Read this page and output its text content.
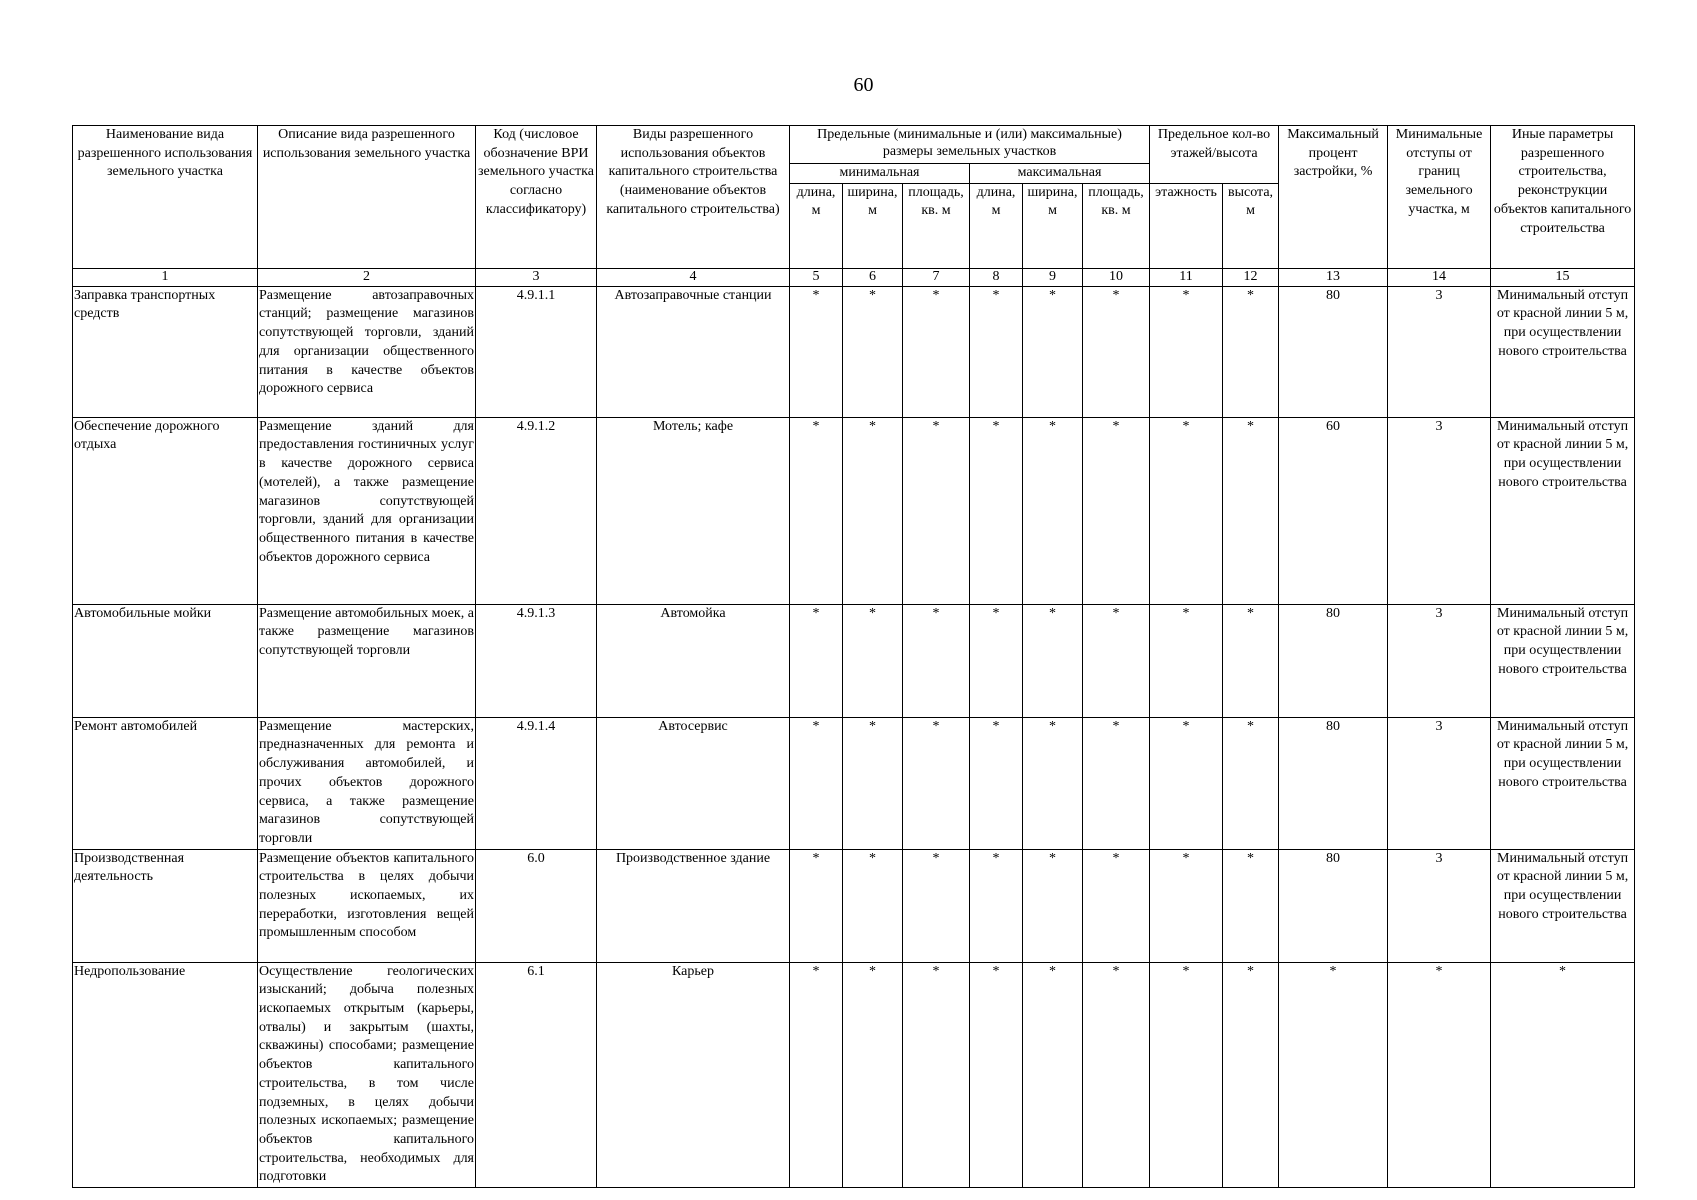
60
Наименование вида разрешенного использования земельного участка	Описание вида разрешенного использования земельного участка	Код (числовое обозначение ВРИ земельного участка согласно классификатору)	Виды разрешенного использования объектов капитального строительства (наименование объектов капитального строительства)	Предельные (минимальные и (или) максимальные) размеры земельных участков						Предельное кол-во этажей/высота		Максимальный процент застройки, %	Минимальные отступы от границ земельного участка, м	Иные параметры разрешенного строительства, реконструкции объектов капитального строительства
				минимальная			максимальная							
				длина, м	ширина, м	площадь, кв. м	длина, м	ширина, м	площадь, кв. м	этажность	высота, м			
1	2	3	4	5	6	7	8	9	10	11	12	13	14	15
Заправка транспортных средств	Размещение автозаправочных станций; размещение магазинов сопутствующей торговли, зданий для организации общественного питания в качестве объектов дорожного сервиса	4.9.1.1	Автозаправочные станции	*	*	*	*	*	*	*	*	80	3	Минимальный отступ от красной линии 5 м, при осуществлении нового строительства
Обеспечение дорожного отдыха	Размещение зданий для предоставления гостиничных услуг в качестве дорожного сервиса (мотелей), а также размещение магазинов сопутствующей торговли, зданий для организации общественного питания в качестве объектов дорожного сервиса	4.9.1.2	Мотель; кафе	*	*	*	*	*	*	*	*	60	3	Минимальный отступ от красной линии 5 м, при осуществлении нового строительства
Автомобильные мойки	Размещение автомобильных моек, а также размещение магазинов сопутствующей торговли	4.9.1.3	Автомойка	*	*	*	*	*	*	*	*	80	3	Минимальный отступ от красной линии 5 м, при осуществлении нового строительства
Ремонт автомобилей	Размещение мастерских, предназначенных для ремонта и обслуживания автомобилей, и прочих объектов дорожного сервиса, а также размещение магазинов сопутствующей торговли	4.9.1.4	Автосервис	*	*	*	*	*	*	*	*	80	3	Минимальный отступ от красной линии 5 м, при осуществлении нового строительства
Производственная деятельность	Размещение объектов капитального строительства в целях добычи полезных ископаемых, их переработки, изготовления вещей промышленным способом	6.0	Производственное здание	*	*	*	*	*	*	*	*	80	3	Минимальный отступ от красной линии 5 м, при осуществлении нового строительства
Недропользование	Осуществление геологических изысканий; добыча полезных ископаемых открытым (карьеры, отвалы) и закрытым (шахты, скважины) способами; размещение объектов капитального строительства, в том числе подземных, в целях добычи полезных ископаемых; размещение объектов капитального строительства, необходимых для подготовки	6.1	Карьер	*	*	*	*	*	*	*	*	*	*	*
